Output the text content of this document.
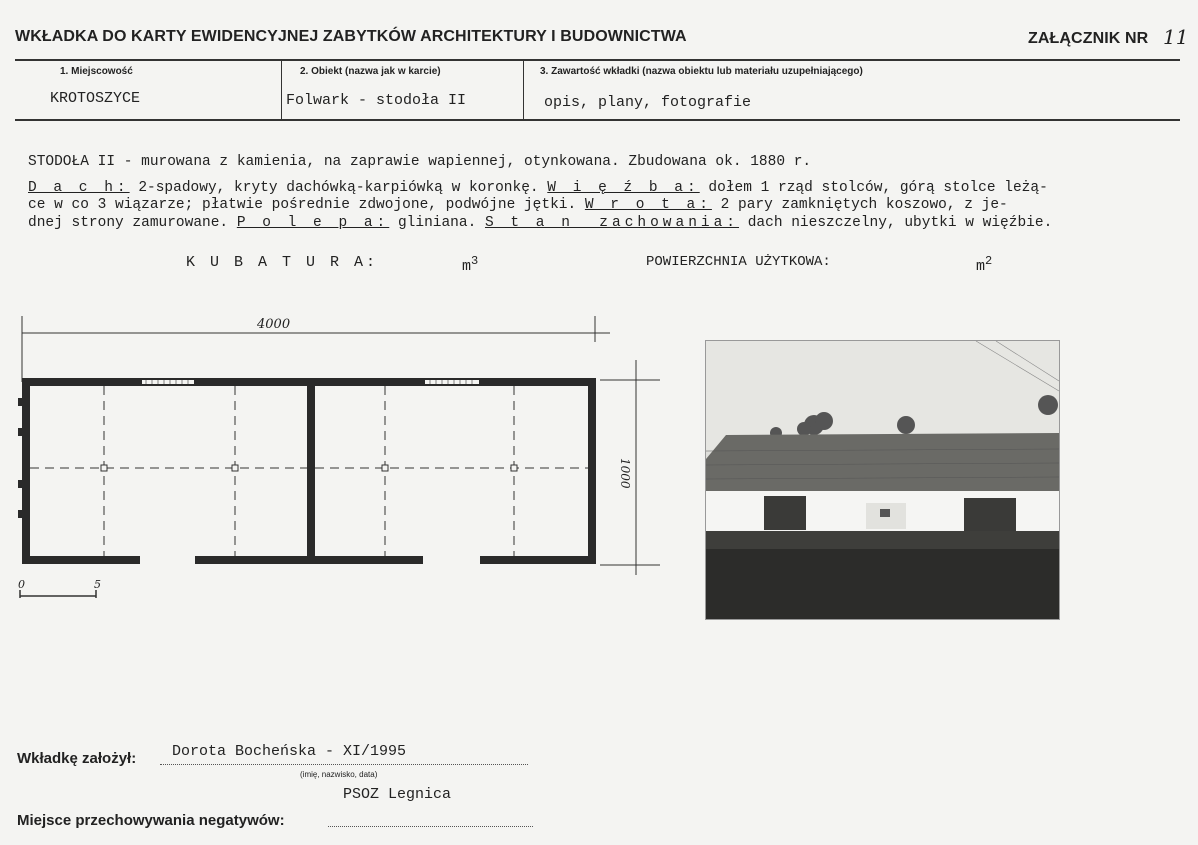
WKŁADKA DO KARTY EWIDENCYJNEJ ZABYTKÓW ARCHITEKTURY I BUDOWNICTWA	ZAŁĄCZNIK NR 11
1. Miejscowość	2. Obiekt (nazwa jak w karcie)	3. Zawartość wkładki (nazwa obiektu lub materiału uzupełniającego)
KROTOSZYCE	Folwark - stodoła II	opis, plany, fotografie
STODOŁA II - murowana z kamienia, na zaprawie wapiennej, otynkowana. Zbudowana ok. 1880 r.
D a c h: 2-spadowy, kryty dachówką-karpiówką w koronkę. W i ę ź b a: dołem 1 rząd stolców, górą stolce leżą-
ce w co 3 wiązarze; płatwie pośrednie zdwojone, podwójne jętki. W r o t a: 2 pary zamkniętych koszowo, z je-
dnej strony zamurowane. P o l e p a: gliniana. S t a n  zachowania: dach nieszczelny, ubytki w więźbie.
K U B A T U R A:	$m^3$	POWIERZCHNIA UŻYTKOWA:	$m^2$
4000
1000
0	5
Wkładkę założył: Dorota Bocheńska - XI/1995
(imię, nazwisko, data)
PSOZ Legnica
Miejsce przechowywania negatywów:
